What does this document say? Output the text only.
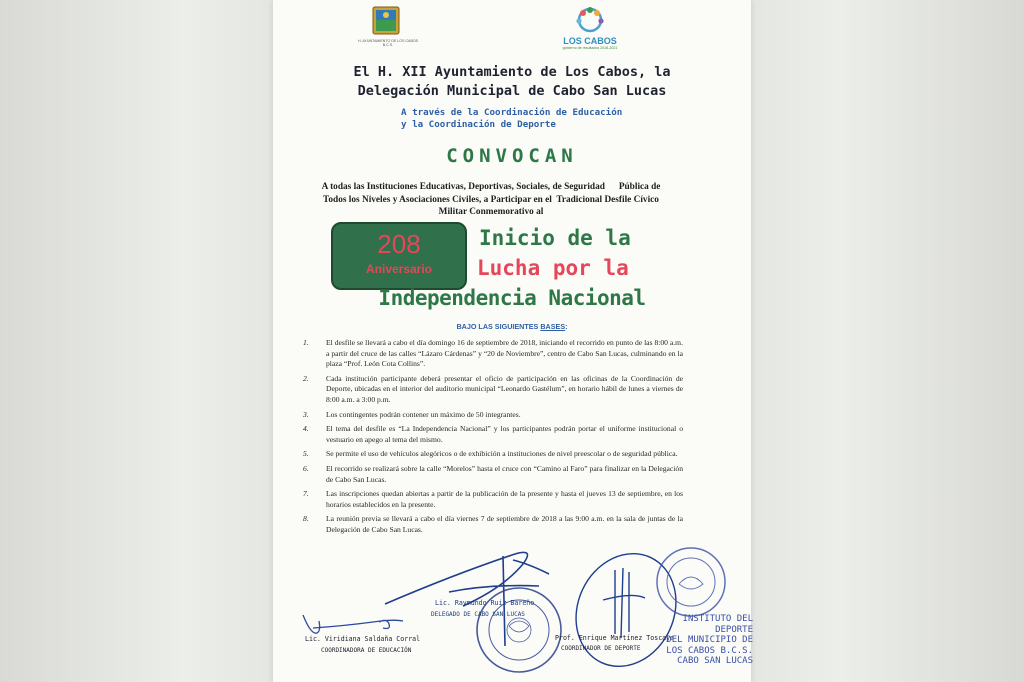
H. AYUNTAMIENTO DE LOS CABOS B.C.S.	LOS CABOS
gobierno de resultados 2018-2021
El H. XII Ayuntamiento de Los Cabos, la
Delegación Municipal de Cabo San Lucas
A través de la Coordinación de Educación
y la Coordinación de Deporte
CONVOCAN
A todas las Instituciones Educativas, Deportivas, Sociales, de Seguridad      Pública de
Todos los Niveles y Asociaciones Civiles, a Participar en el  Tradicional Desfile Cívico
Militar Conmemorativo al
208
Aniversario
Inicio de la
Lucha por la
Independencia Nacional
BAJO LAS SIGUIENTES BASES:
1. El desfile se llevará a cabo el día domingo 16 de septiembre de 2018, iniciando el recorrido en punto de las 8:00 a.m. a partir del cruce de las calles “Lázaro Cárdenas” y “20 de Noviembre”, centro de Cabo San Lucas, culminando en la plaza “Prof. León Cota Collins”.
2. Cada institución participante deberá presentar el oficio de participación en las oficinas de la Coordinación de Deporte, ubicadas en el interior del auditorio municipal “Leonardo Gastélum”, en horario hábil de lunes a viernes de 8:00 a.m. a 3:00 p.m.
3. Los contingentes podrán contener un máximo de 50 integrantes.
4. El tema del desfile es “La Independencia Nacional” y los participantes podrán portar el uniforme institucional o vestuario en apego al tema del mismo.
5. Se permite el uso de vehículos alegóricos o de exhibición a instituciones de nivel preescolar o de seguridad pública.
6. El recorrido se realizará sobre la calle “Morelos” hasta el cruce con “Camino al Faro” para finalizar en la Delegación de Cabo San Lucas.
7. Las inscripciones quedan abiertas a partir de la publicación de la presente y hasta el jueves 13 de septiembre, en los horarios establecidos en la presente.
8. La reunión previa se llevará a cabo el día viernes 7 de septiembre de 2018 a las 9:00 a.m. en la sala de juntas de la Delegación de Cabo San Lucas.
Lic. Viridiana Saldaña Corral
COORDINADORA DE EDUCACIÓN
Lic. Raymundo Ruiz Bareño
DELEGADO DE CABO SAN LUCAS
Prof. Enrique Martínez Toscaya
COORDINADOR DE DEPORTE
INSTITUTO DEL DEPORTE
DEL MUNICIPIO DE
LOS CABOS B.C.S.
CABO SAN LUCAS
